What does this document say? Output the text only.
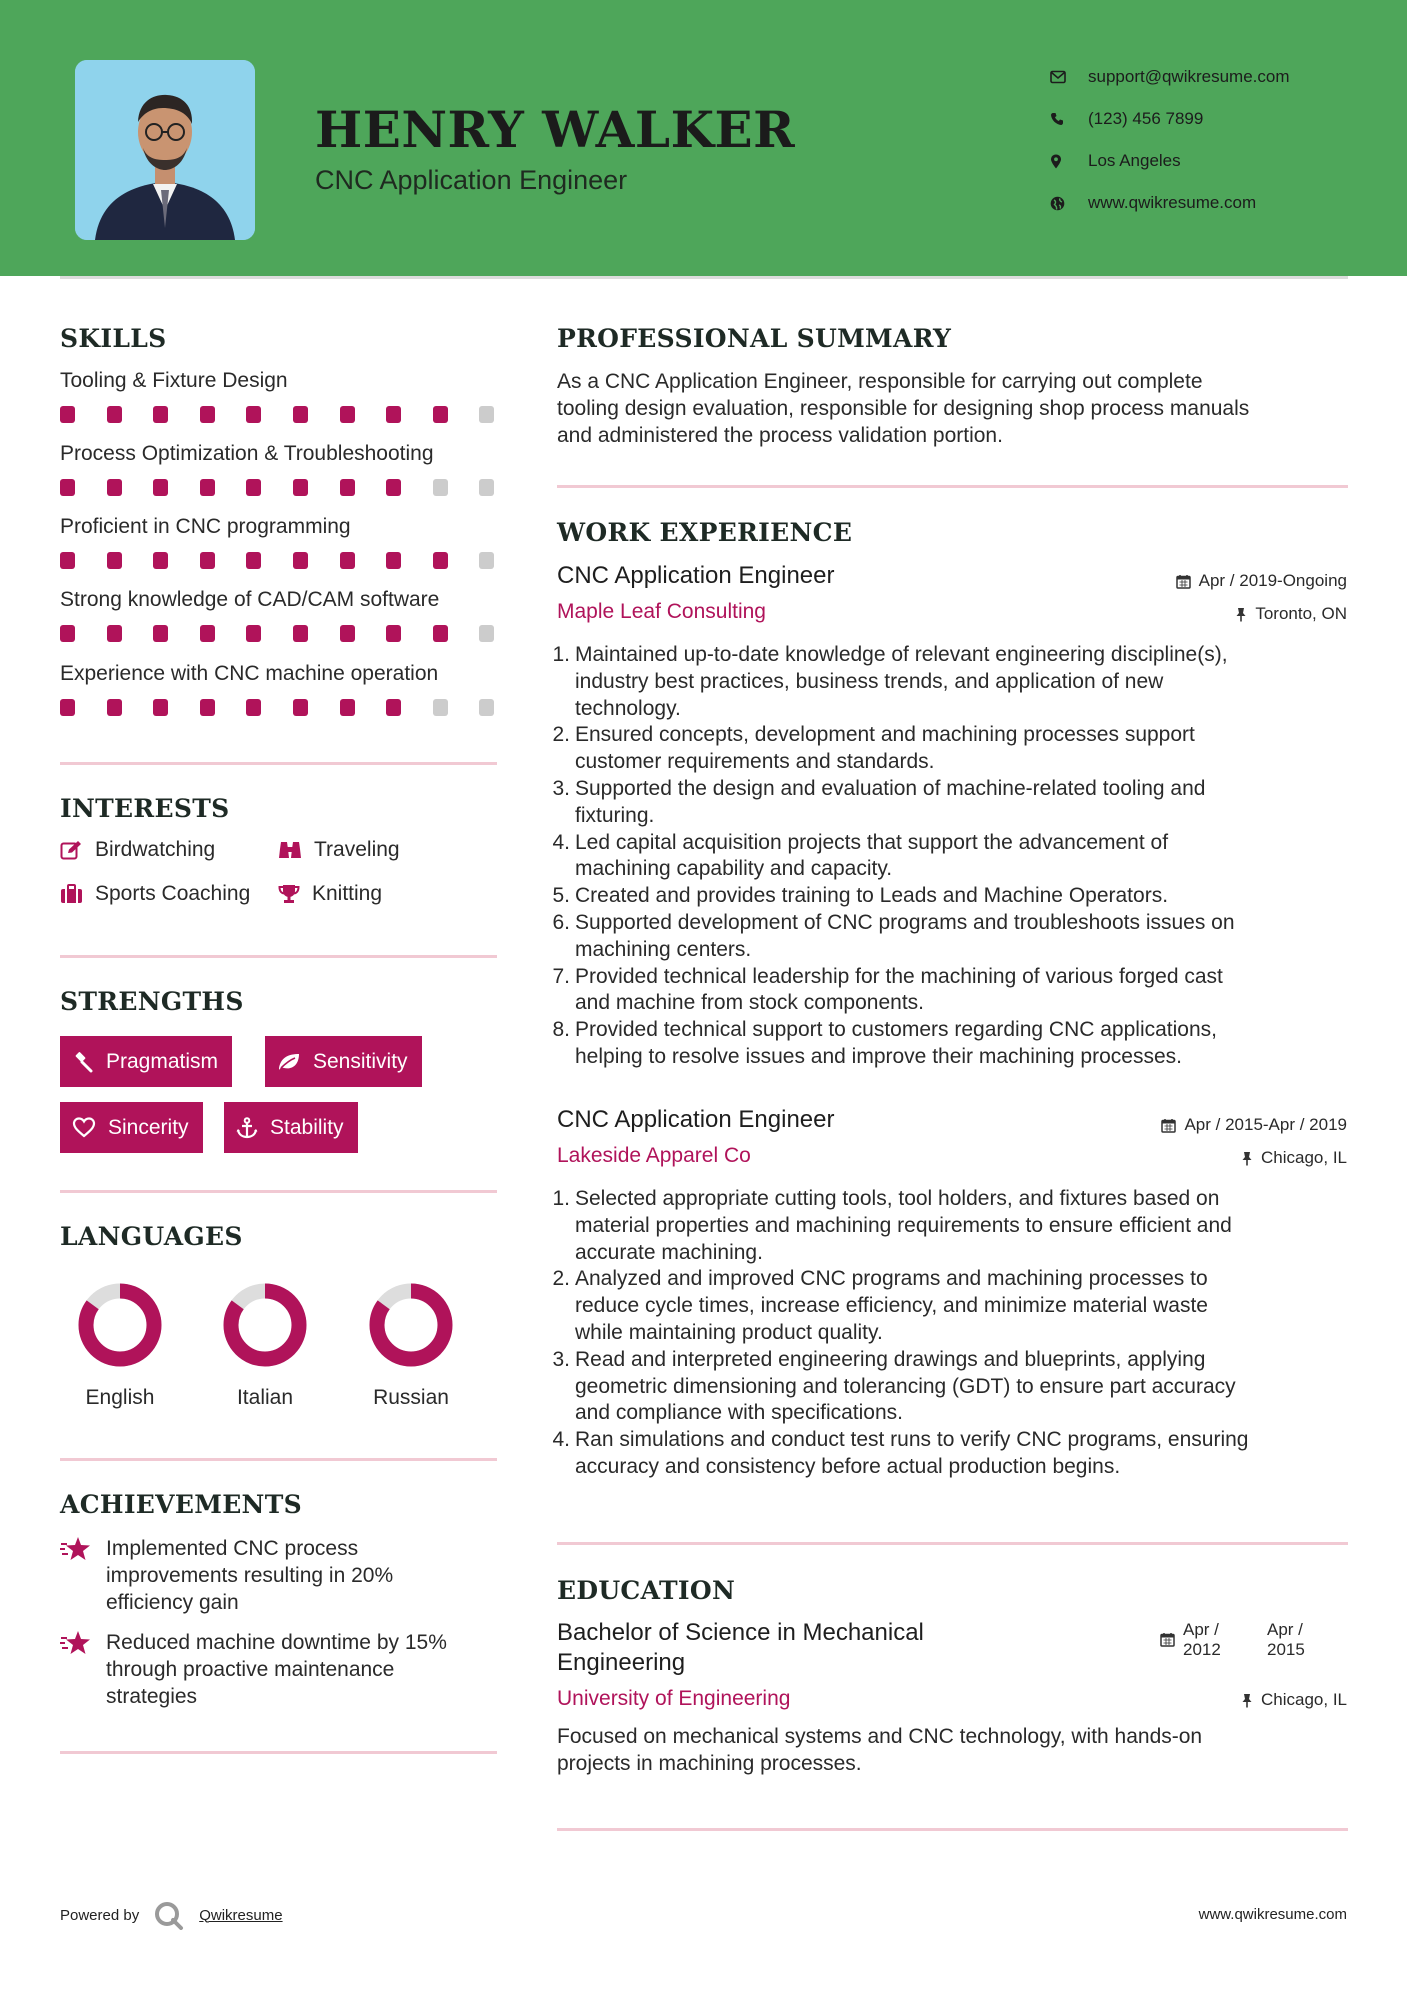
HENRY WALKER
CNC Application Engineer
support@qwikresume.com
(123) 456 7899
Los Angeles
www.qwikresume.com
SKILLS
Tooling & Fixture Design
Process Optimization & Troubleshooting
Proficient in CNC programming
Strong knowledge of CAD/CAM software
Experience with CNC machine operation
INTERESTS
Birdwatching	Traveling
Sports Coaching	Knitting
STRENGTHS
Pragmatism	Sensitivity
Sincerity	Stability
LANGUAGES
English	Italian	Russian
ACHIEVEMENTS
Implemented CNC process
improvements resulting in 20%
efficiency gain
Reduced machine downtime by 15%
through proactive maintenance
strategies
PROFESSIONAL SUMMARY
As a CNC Application Engineer, responsible for carrying out complete
tooling design evaluation, responsible for designing shop process manuals
and administered the process validation portion.
WORK EXPERIENCE
CNC Application Engineer	Apr / 2019-Ongoing
Maple Leaf Consulting	Toronto, ON
1. Maintained up-to-date knowledge of relevant engineering discipline(s),
industry best practices, business trends, and application of new
technology.
2. Ensured concepts, development and machining processes support
customer requirements and standards.
3. Supported the design and evaluation of machine-related tooling and
fixturing.
4. Led capital acquisition projects that support the advancement of
machining capability and capacity.
5. Created and provides training to Leads and Machine Operators.
6. Supported development of CNC programs and troubleshoots issues on
machining centers.
7. Provided technical leadership for the machining of various forged cast
and machine from stock components.
8. Provided technical support to customers regarding CNC applications,
helping to resolve issues and improve their machining processes.
CNC Application Engineer	Apr / 2015-Apr / 2019
Lakeside Apparel Co	Chicago, IL
1. Selected appropriate cutting tools, tool holders, and fixtures based on
material properties and machining requirements to ensure efficient and
accurate machining.
2. Analyzed and improved CNC programs and machining processes to
reduce cycle times, increase efficiency, and minimize material waste
while maintaining product quality.
3. Read and interpreted engineering drawings and blueprints, applying
geometric dimensioning and tolerancing (GDT) to ensure part accuracy
and compliance with specifications.
4. Ran simulations and conduct test runs to verify CNC programs, ensuring
accuracy and consistency before actual production begins.
EDUCATION
Bachelor of Science in Mechanical
Engineering
Apr /
2012
Apr /
2015
University of Engineering	Chicago, IL
Focused on mechanical systems and CNC technology, with hands-on
projects in machining processes.
Powered by	Qwikresume	www.qwikresume.com
